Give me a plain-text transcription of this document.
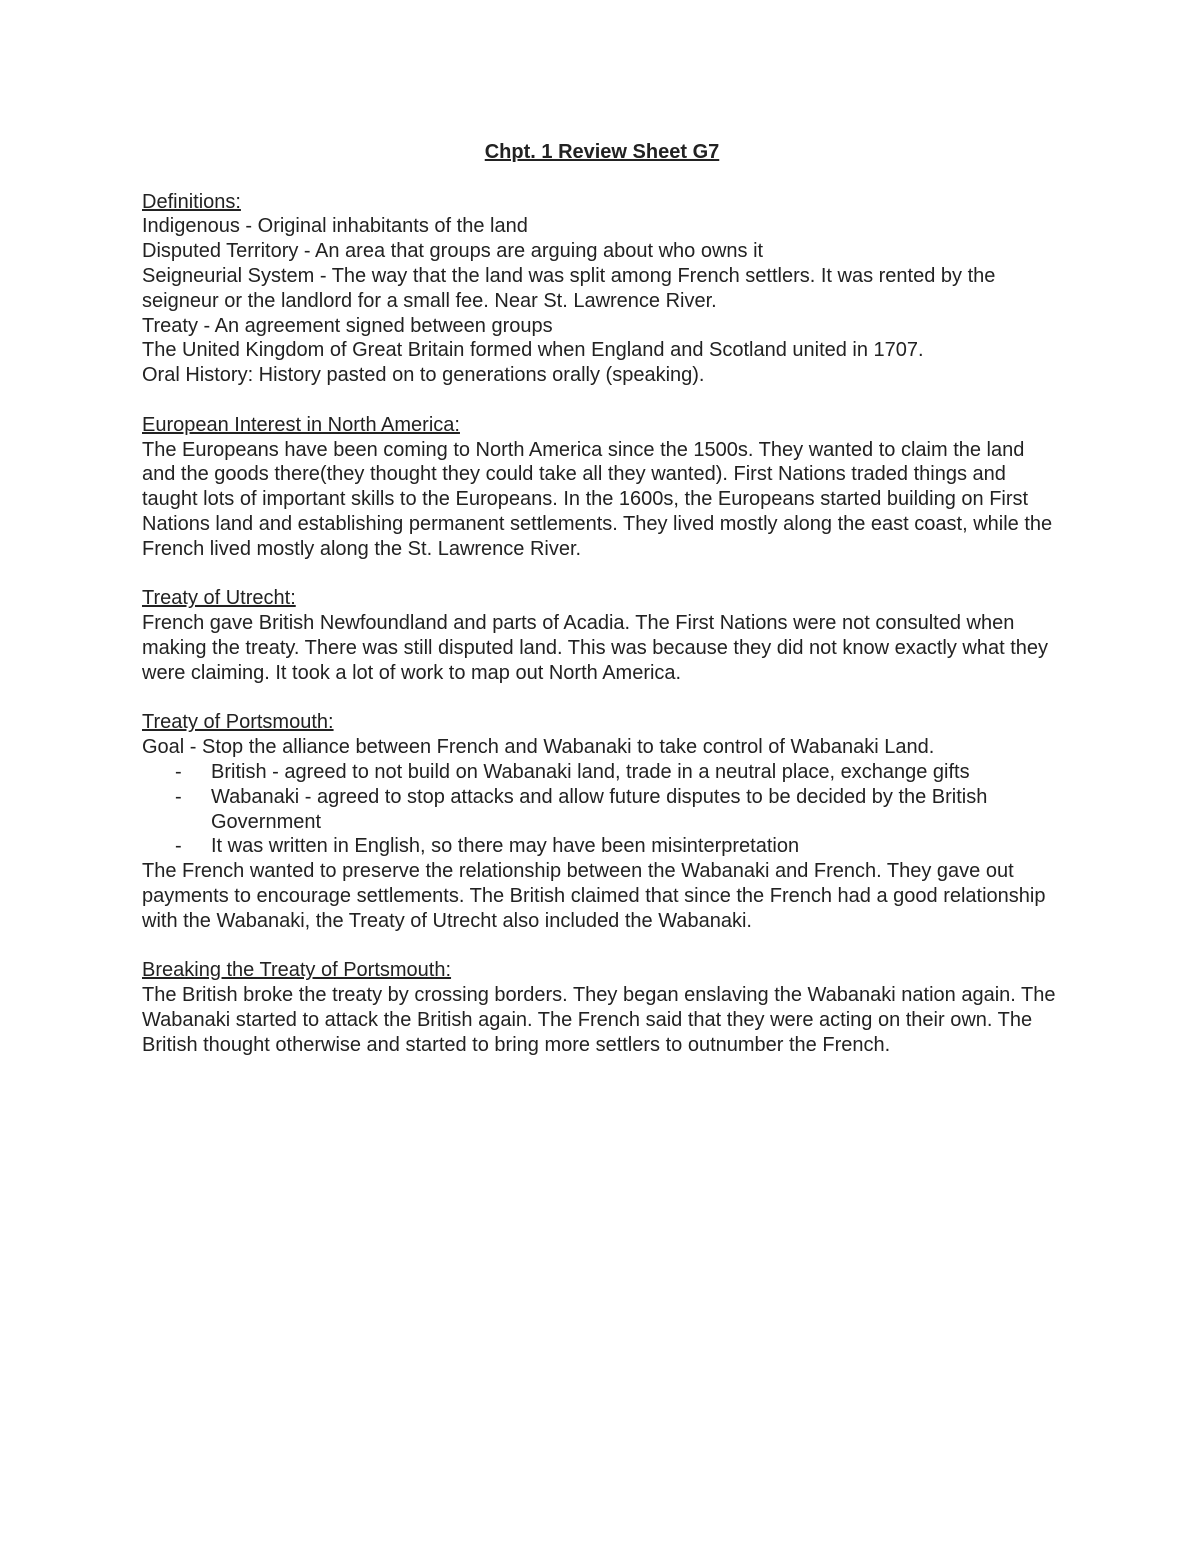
Chpt. 1 Review Sheet G7

Definitions:

Indigenous - Original inhabitants of the land

Disputed Territory - An area that groups are arguing about who owns it

Seigneurial System - The way that the land was split among French settlers. It was rented by the seigneur or the landlord for a small fee. Near St. Lawrence River.

Treaty - An agreement signed between groups

The United Kingdom of Great Britain formed when England and Scotland united in 1707.

Oral History: History pasted on to generations orally (speaking).

European Interest in North America:

The Europeans have been coming to North America since the 1500s. They wanted to claim the land and the goods there(they thought they could take all they wanted). First Nations traded things and taught lots of important skills to the Europeans. In the 1600s, the Europeans started building on First Nations land and establishing permanent settlements. They lived mostly along the east coast, while the French lived mostly along the St. Lawrence River.

Treaty of Utrecht:

French gave British Newfoundland and parts of Acadia. The First Nations were not consulted when making the treaty. There was still disputed land. This was because they did not know exactly what they were claiming. It took a lot of work to map out North America.

Treaty of Portsmouth:

Goal - Stop the alliance between French and Wabanaki to take control of Wabanaki Land.

- British - agreed to not build on Wabanaki land, trade in a neutral place, exchange gifts
- Wabanaki - agreed to stop attacks and allow future disputes to be decided by the British Government
- It was written in English, so there may have been misinterpretation

The French wanted to preserve the relationship between the Wabanaki and French. They gave out payments to encourage settlements. The British claimed that since the French had a good relationship with the Wabanaki, the Treaty of Utrecht also included the Wabanaki.

Breaking the Treaty of Portsmouth:

The British broke the treaty by crossing borders. They began enslaving the Wabanaki nation again. The Wabanaki started to attack the British again. The French said that they were acting on their own. The British thought otherwise and started to bring more settlers to outnumber the French.
